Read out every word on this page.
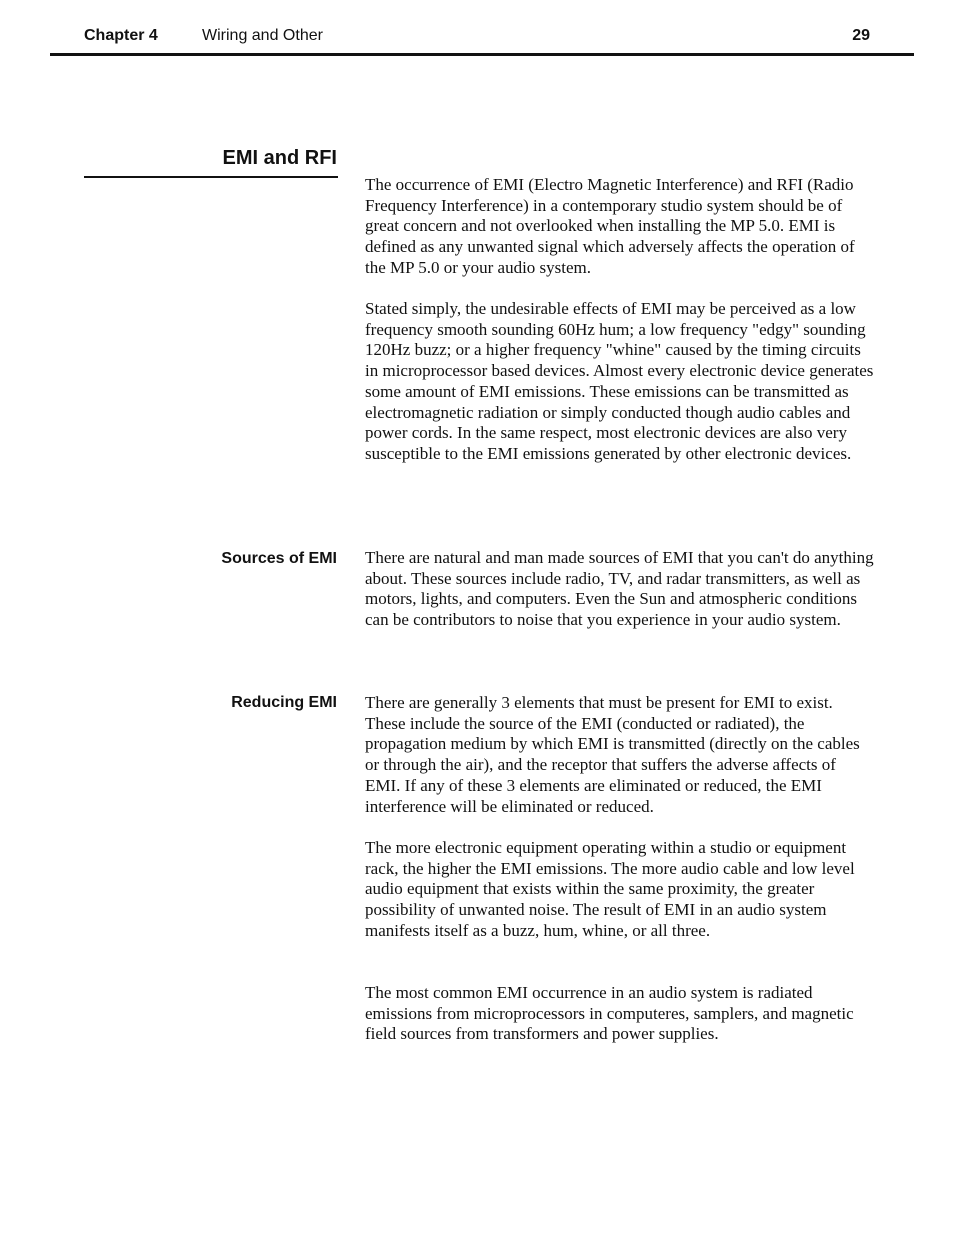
Chapter 4	Wiring and Other	29
EMI and RFI

The occurrence of EMI (Electro Magnetic Interference) and RFI (Radio Frequency Interference) in a contemporary studio system should be of great concern and not overlooked when installing the MP 5.0. EMI is defined as any unwanted signal which adversely affects the operation of the MP 5.0 or your audio system.

Stated simply, the undesirable effects of EMI may be perceived as a low frequency smooth sounding 60Hz hum; a low frequency "edgy" sounding 120Hz buzz; or a higher frequency "whine" caused by the timing circuits in microprocessor based devices. Almost every electronic device generates some amount of EMI emissions. These emissions can be transmitted as electromagnetic radiation or simply conducted though audio cables and power cords. In the same respect, most electronic devices are also very susceptible to the EMI emissions generated by other electronic devices.

Sources of EMI There are natural and man made sources of EMI that you can't do anything about. These sources include radio, TV, and radar transmitters, as well as motors, lights, and computers. Even the Sun and atmospheric conditions can be contributors to noise that you experience in your audio system.

Reducing EMI There are generally 3 elements that must be present for EMI to exist. These include the source of the EMI (conducted or radiated), the propagation medium by which EMI is transmitted (directly on the cables or through the air), and the receptor that suffers the adverse affects of EMI. If any of these 3 elements are eliminated or reduced, the EMI interference will be eliminated or reduced.

The more electronic equipment operating within a studio or equipment rack, the higher the EMI emissions. The more audio cable and low level audio equipment that exists within the same proximity, the greater possibility of unwanted noise. The result of EMI in an audio system manifests itself as a buzz, hum, whine, or all three.

The most common EMI occurrence in an audio system is radiated emissions from microprocessors in computeres, samplers, and magnetic field sources from transformers and power supplies.
